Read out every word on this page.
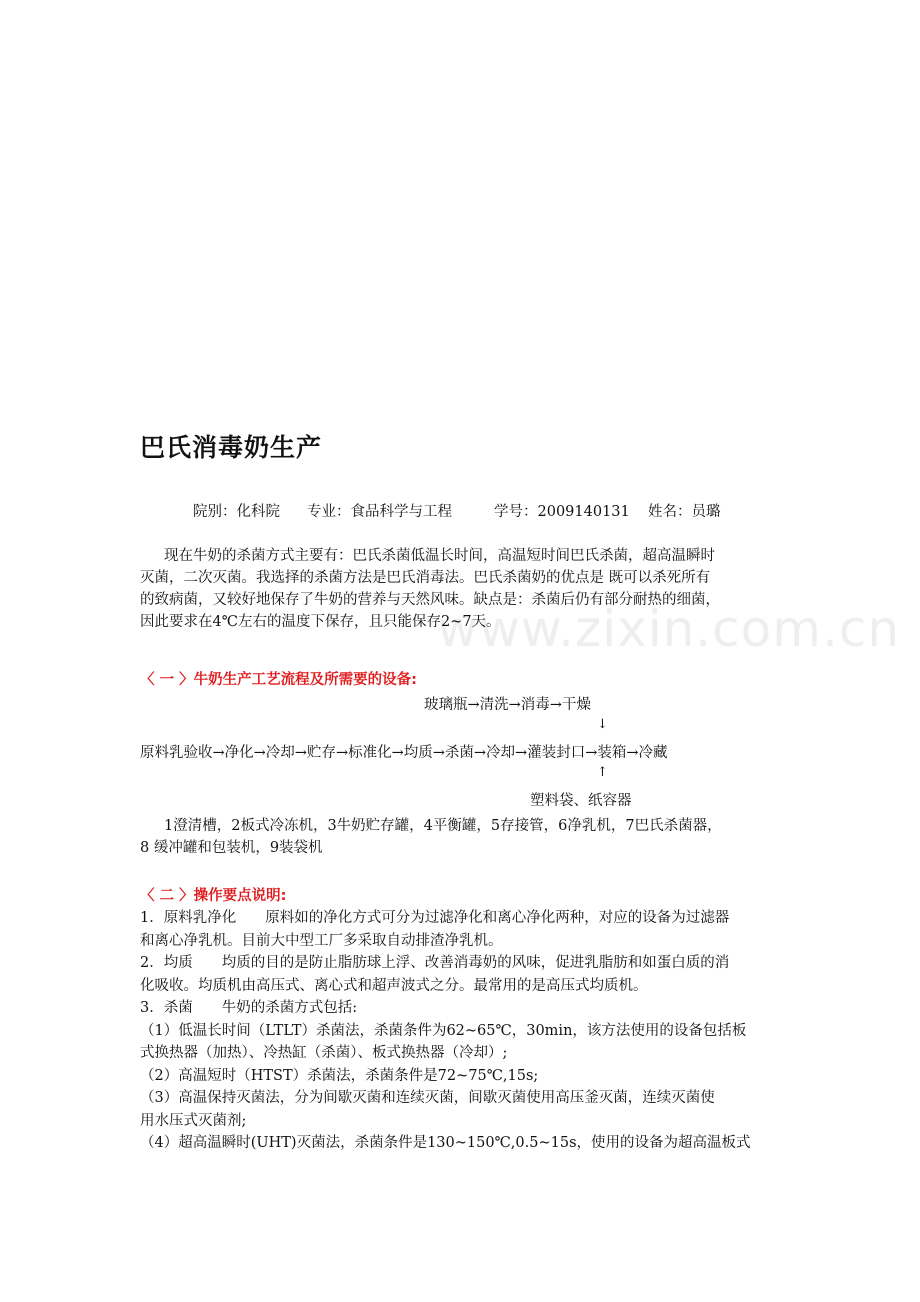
www.zixin.com.cn
巴氏消毒奶生产
院别：化科院 专业：食品科学与工程	学号：2009140131 姓名：员璐
现在牛奶的杀菌方式主要有：巴氏杀菌低温长时间，高温短时间巴氏杀菌，超高温瞬时
灭菌，二次灭菌。我选择的杀菌方法是巴氏消毒法。巴氏杀菌奶的优点是 既可以杀死所有
的致病菌，又较好地保存了牛奶的营养与天然风味。缺点是：杀菌后仍有部分耐热的细菌，
因此要求在4℃左右的温度下保存，且只能保存2~7天。
〈 一 〉牛奶生产工艺流程及所需要的设备:
玻璃瓶→清洗→消毒→干燥
↓
原料乳验收→净化→冷却→贮存→标准化→均质→杀菌→冷却→灌装封口→装箱→冷藏
↑
塑料袋、纸容器
1澄清槽，2板式冷冻机，3牛奶贮存罐，4平衡罐，5存接管，6净乳机，7巴氏杀菌器，
8 缓冲罐和包装机，9装袋机
〈 二 〉操作要点说明:
1．原料乳净化　　原料如的净化方式可分为过滤净化和离心净化两种，对应的设备为过滤器
和离心净乳机。目前大中型工厂多采取自动排渣净乳机。
2．均质　　均质的目的是防止脂肪球上浮、改善消毒奶的风味，促进乳脂肪和如蛋白质的消
化吸收。均质机由高压式、离心式和超声波式之分。最常用的是高压式均质机。
3．杀菌　　牛奶的杀菌方式包括:
（1）低温长时间（LTLT）杀菌法，杀菌条件为62~65℃，30min，该方法使用的设备包括板
式换热器（加热）、冷热缸（杀菌）、板式换热器（冷却）;
（2）高温短时（HTST）杀菌法，杀菌条件是72~75℃,15s;
（3）高温保持灭菌法，分为间歇灭菌和连续灭菌，间歇灭菌使用高压釜灭菌，连续灭菌使
用水压式灭菌剂;
（4）超高温瞬时(UHT)灭菌法，杀菌条件是130~150℃,0.5~15s，使用的设备为超高温板式
